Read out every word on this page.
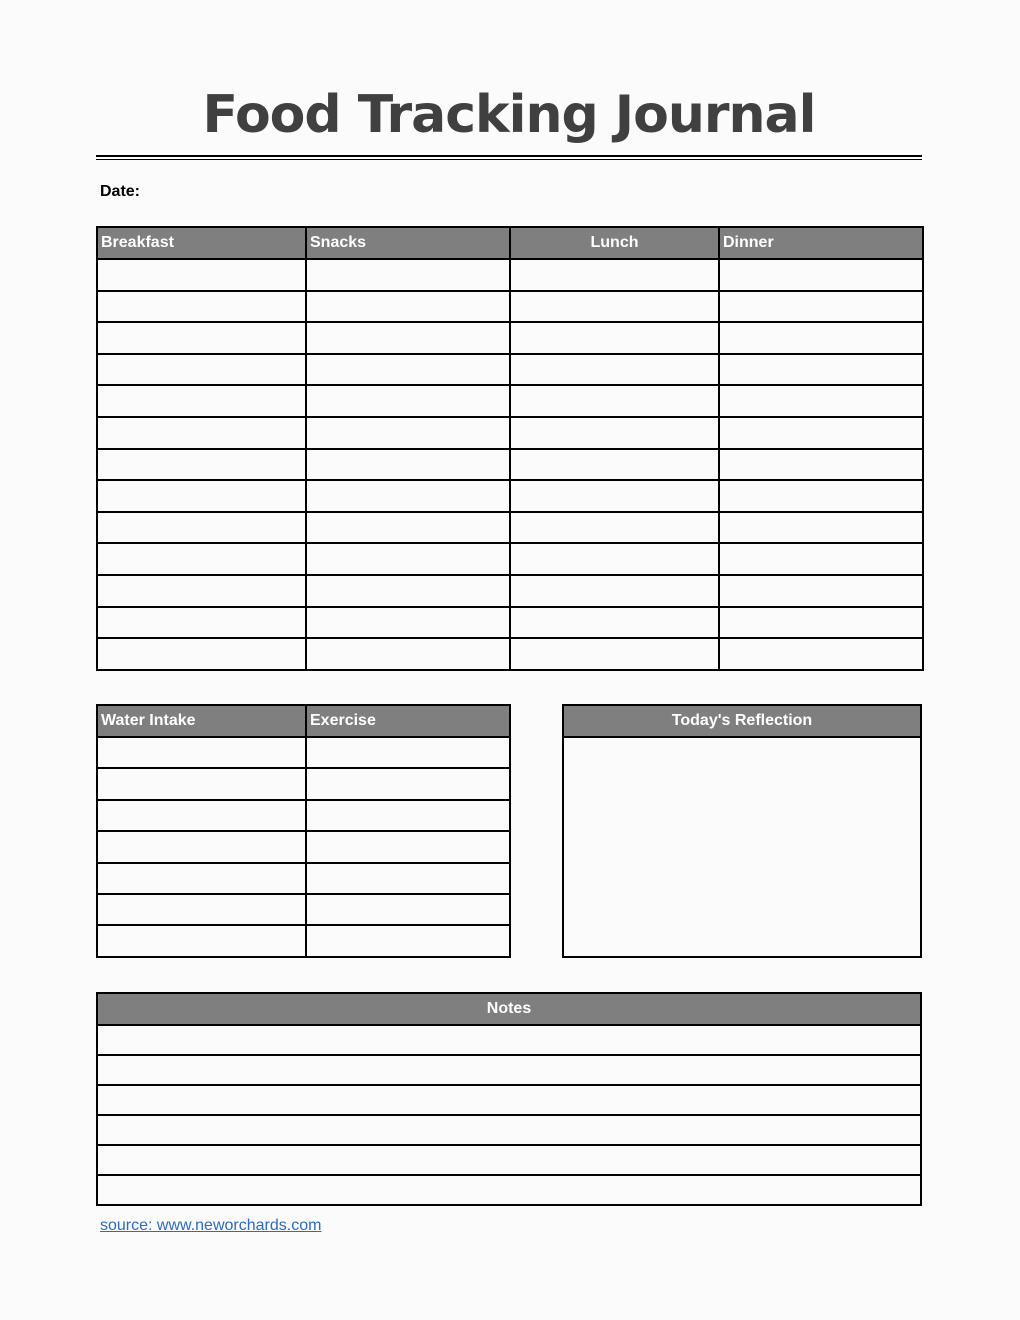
Food Tracking Journal
Date:
Breakfast	Snacks	Lunch	Dinner

Water Intake	Exercise

		Today's Reflection

Notes

source: www.neworchards.com
